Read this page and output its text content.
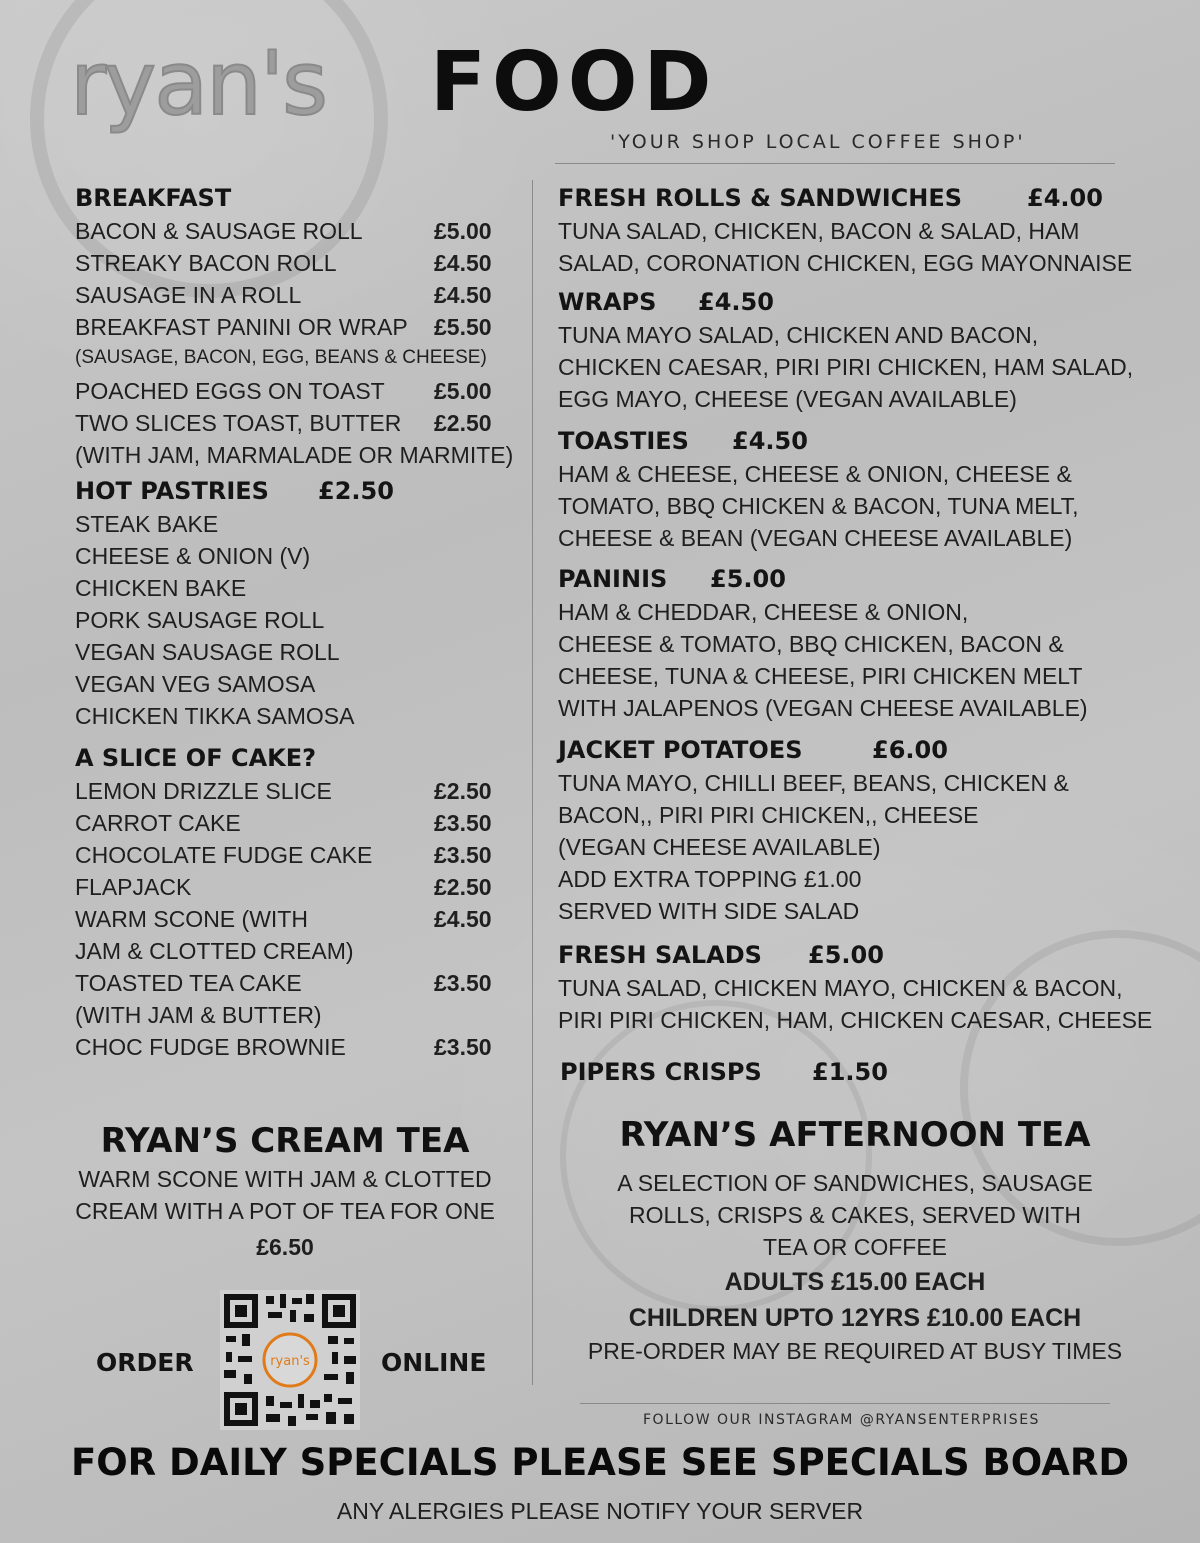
ryan's FOOD
'YOUR SHOP LOCAL COFFEE SHOP'
BREAKFAST
BACON & SAUSAGE ROLL	£5.00
STREAKY BACON ROLL	£4.50
SAUSAGE IN A ROLL	£4.50
BREAKFAST PANINI OR WRAP £5.50
(SAUSAGE, BACON, EGG, BEANS & CHEESE)
POACHED EGGS ON TOAST £5.00
TWO SLICES TOAST, BUTTER £2.50
(WITH JAM, MARMALADE OR MARMITE)
HOT PASTRIES £2.50
STEAK BAKE
CHEESE & ONION (V)
CHICKEN BAKE
PORK SAUSAGE ROLL
VEGAN SAUSAGE ROLL
VEGAN VEG SAMOSA
CHICKEN TIKKA SAMOSA
A SLICE OF CAKE?
LEMON DRIZZLE SLICE	£2.50
CARROT CAKE	£3.50
CHOCOLATE FUDGE CAKE	£3.50
FLAPJACK	£2.50
WARM SCONE (WITH	£4.50
JAM & CLOTTED CREAM)
TOASTED TEA CAKE	£3.50
(WITH JAM & BUTTER)
CHOC FUDGE BROWNIE	£3.50
RYAN’S CREAM TEA
WARM SCONE WITH JAM & CLOTTED
CREAM WITH A POT OF TEA FOR ONE
£6.50
ORDER	ryan's	ONLINE
FRESH ROLLS & SANDWICHES	£4.00
TUNA SALAD, CHICKEN, BACON & SALAD, HAM
SALAD, CORONATION CHICKEN, EGG MAYONNAISE
WRAPS £4.50
TUNA MAYO SALAD, CHICKEN AND BACON,
CHICKEN CAESAR, PIRI PIRI CHICKEN, HAM SALAD,
EGG MAYO, CHEESE (VEGAN AVAILABLE)
TOASTIES £4.50
HAM & CHEESE, CHEESE & ONION, CHEESE &
TOMATO, BBQ CHICKEN & BACON, TUNA MELT,
CHEESE & BEAN (VEGAN CHEESE AVAILABLE)
PANINIS £5.00
HAM & CHEDDAR, CHEESE & ONION,
CHEESE & TOMATO, BBQ CHICKEN, BACON &
CHEESE, TUNA & CHEESE, PIRI CHICKEN MELT
WITH JALAPENOS (VEGAN CHEESE AVAILABLE)
JACKET POTATOES	£6.00
TUNA MAYO, CHILLI BEEF, BEANS, CHICKEN &
BACON,, PIRI PIRI CHICKEN,, CHEESE
(VEGAN CHEESE AVAILABLE)
ADD EXTRA TOPPING £1.00
SERVED WITH SIDE SALAD
FRESH SALADS £5.00
TUNA SALAD, CHICKEN MAYO, CHICKEN & BACON,
PIRI PIRI CHICKEN, HAM, CHICKEN CAESAR, CHEESE
PIPERS CRISPS £1.50
RYAN’S AFTERNOON TEA
A SELECTION OF SANDWICHES, SAUSAGE
ROLLS, CRISPS & CAKES, SERVED WITH
TEA OR COFFEE
ADULTS £15.00 EACH
CHILDREN UPTO 12YRS £10.00 EACH
PRE-ORDER MAY BE REQUIRED AT BUSY TIMES
FOLLOW OUR INSTAGRAM @RYANSENTERPRISES
FOR DAILY SPECIALS PLEASE SEE SPECIALS BOARD
ANY ALERGIES PLEASE NOTIFY YOUR SERVER
